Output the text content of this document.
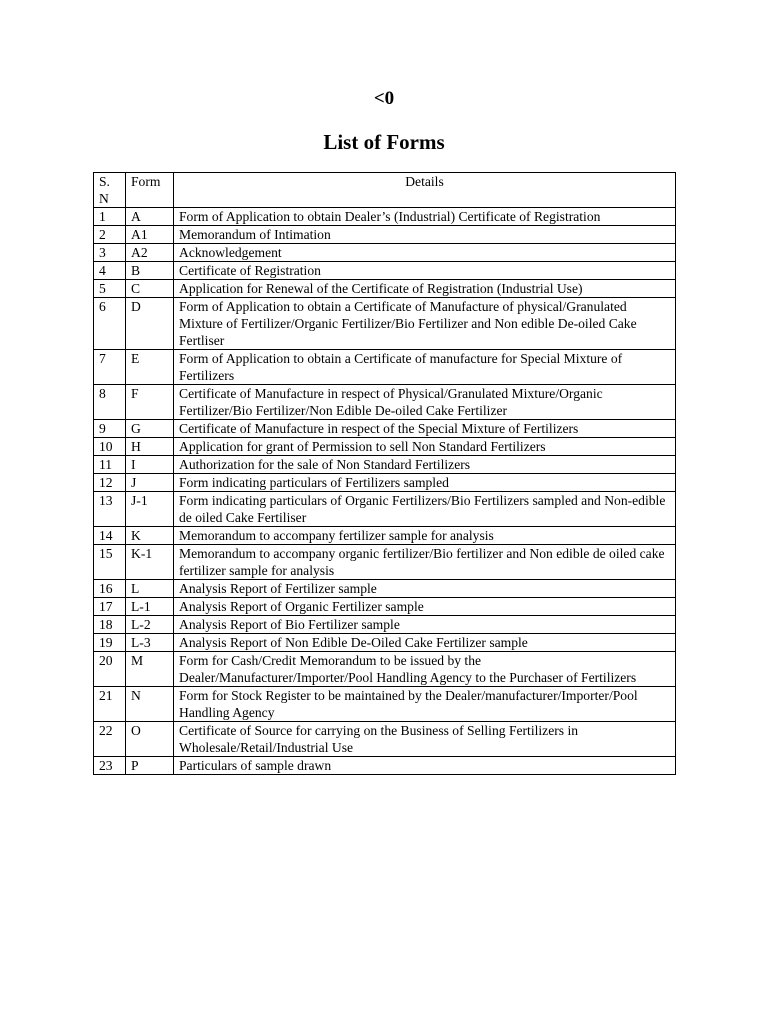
<0
List of Forms
S. N	Form	Details
1	A	Form of Application to obtain Dealer’s (Industrial) Certificate of Registration
2	A1	Memorandum of Intimation
3	A2	Acknowledgement
4	B	Certificate of Registration
5	C	Application for Renewal of the Certificate of Registration (Industrial Use)
6	D	Form of Application to obtain a Certificate of Manufacture of physical/Granulated Mixture of Fertilizer/Organic Fertilizer/Bio Fertilizer and Non edible De-oiled Cake Fertliser
7	E	Form of Application to obtain a Certificate of manufacture for Special Mixture of Fertilizers
8	F	Certificate of Manufacture in respect of Physical/Granulated Mixture/Organic Fertilizer/Bio Fertilizer/Non Edible De-oiled Cake Fertilizer
9	G	Certificate of Manufacture in respect of the Special Mixture of Fertilizers
10	H	Application for grant of Permission to sell Non Standard Fertilizers
11	I	Authorization for the sale of Non Standard Fertilizers
12	J	Form indicating particulars of Fertilizers sampled
13	J-1	Form indicating particulars of Organic Fertilizers/Bio Fertilizers sampled and Non-edible de oiled Cake Fertiliser
14	K	Memorandum to accompany fertilizer sample for analysis
15	K-1	Memorandum to accompany organic fertilizer/Bio fertilizer and Non edible de oiled cake fertilizer sample for analysis
16	L	Analysis Report of Fertilizer sample
17	L-1	Analysis Report of Organic Fertilizer sample
18	L-2	Analysis Report of Bio Fertilizer sample
19	L-3	Analysis Report of Non Edible De-Oiled Cake Fertilizer sample
20	M	Form for Cash/Credit Memorandum to be issued by the Dealer/Manufacturer/Importer/Pool Handling Agency to the Purchaser of Fertilizers
21	N	Form for Stock Register to be maintained by the Dealer/manufacturer/Importer/Pool Handling Agency
22	O	Certificate of Source for carrying on the Business of Selling Fertilizers in Wholesale/Retail/Industrial Use
23	P	Particulars of sample drawn
